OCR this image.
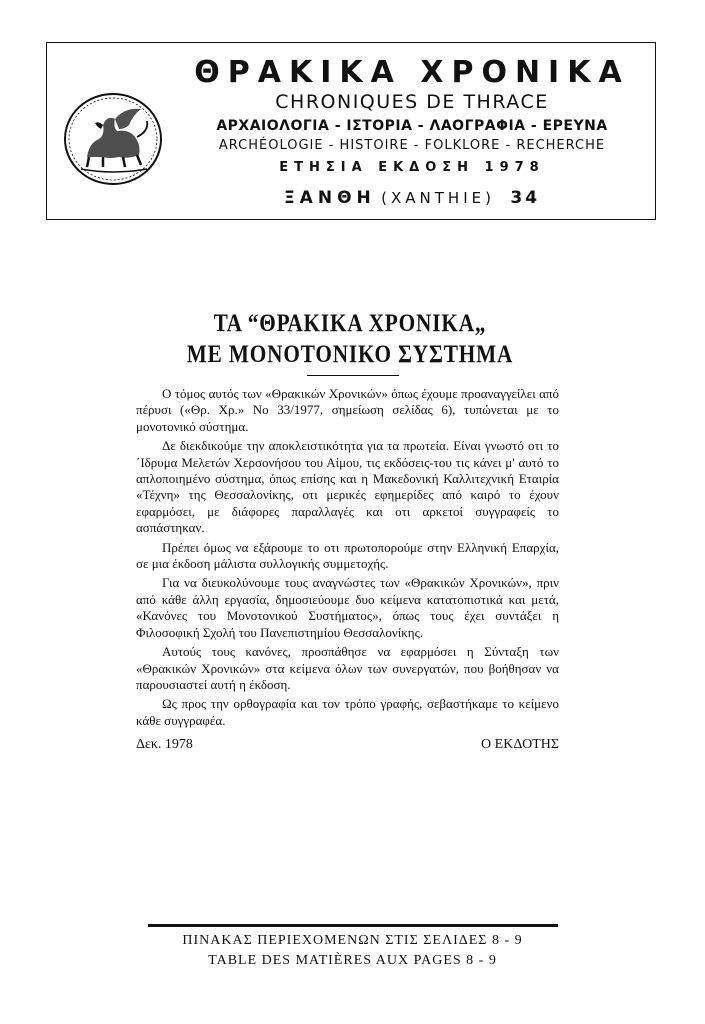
ΘΡΑΚΙΚΑ ΧΡΟΝΙΚΑ
CHRONIQUES DE THRACE
ΑΡΧΑΙΟΛΟΓΙΑ - ΙΣΤΟΡΙΑ - ΛΑΟΓΡΑΦΙΑ - ΕΡΕΥΝΑ
ARCHÉOLOGIE - HISTOIRE - FOLKLORE - RECHERCHE
ΕΤΗΣΙΑ ΕΚΔΟΣΗ 1978
ΞΑΝΘΗ (XANTHIE) 34
ΤΑ “ΘΡΑΚΙΚΑ ΧΡΟΝΙΚΑ„
ΜΕ ΜΟΝΟΤΟΝΙΚΟ ΣΥΣΤΗΜΑ

Ο τόμος αυτός των «Θρακικών Χρονικών» όπως έχουμε προαναγγείλει από πέρυσι («Θρ. Χρ.» Νο 33/1977, σημείωση σελίδας 6), τυπώνεται με το μονοτονικό σύστημα.

Δε διεκδικούμε την αποκλειστικότητα για τα πρωτεία. Είναι γνωστό οτι το ΄Ιδρυμα Μελετών Χερσονήσου του Αίμου, τις εκδόσεις-του τις κάνει μ' αυτό το απλοποιημένο σύστημα, όπως επίσης και η Μακεδονική Καλλιτεχνική Εταιρία «Τέχνη» της Θεσσαλονίκης, οτι μερικές εφημερίδες από καιρό το έχουν εφαρμόσει, με διάφορες παραλλαγές και οτι αρκετοί συγγραφείς το ασπάστηκαν.

Πρέπει όμως να εξάρουμε το οτι πρωτοπορούμε στην Ελληνική Επαρχία, σε μια έκδοση μάλιστα συλλογικής συμμετοχής.

Για να διευκολύνουμε τους αναγνώστες των «Θρακικών Χρονικών», πριν από κάθε άλλη εργασία, δημοσιεύουμε δυο κείμενα κατατοπιστικά και μετά, «Κανόνες του Μονοτονικού Συστήματος», όπως τους έχει συντάξει η Φιλοσοφική Σχολή του Πανεπιστημίου Θεσσαλονίκης.

Αυτούς τους κανόνες, προσπάθησε να εφαρμόσει η Σύνταξη των «Θρακικών Χρονικών» στα κείμενα όλων των συνεργατών, που βοήθησαν να παρουσιαστεί αυτή η έκδοση.

Ως προς την ορθογραφία και τον τρόπο γραφής, σεβαστήκαμε το κείμενο κάθε συγγραφέα.

Δεκ. 1978	Ο ΕΚΔΟΤΗΣ
ΠΙΝΑΚΑΣ ΠΕΡΙΕΧΟΜΕΝΩΝ ΣΤΙΣ ΣΕΛΙΔΕΣ 8 - 9
TABLE DES MATIÈRES AUX PAGES 8 - 9
